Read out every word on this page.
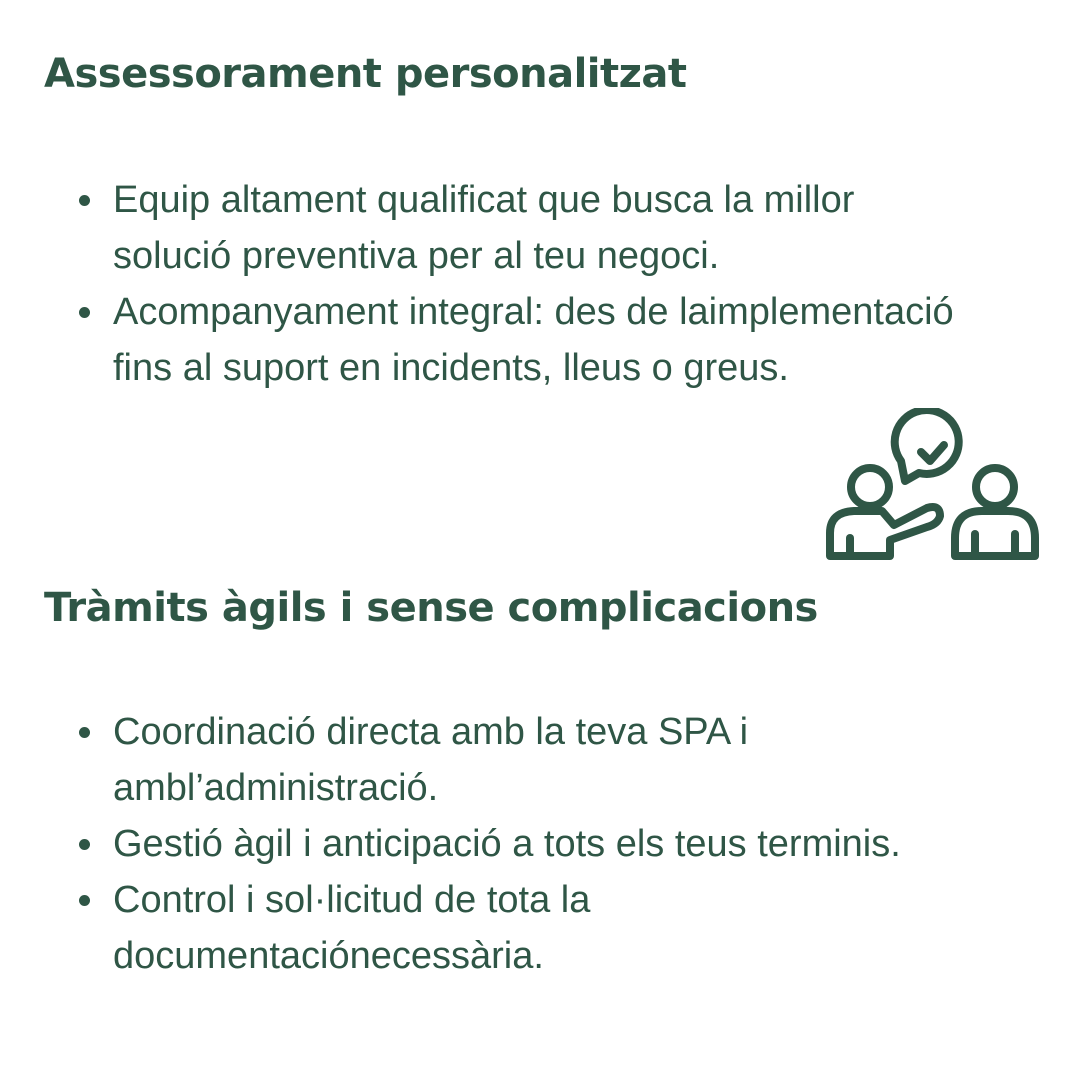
Assessorament personalitzat
Equip altament qualificat que busca la millor solució preventiva per al teu negoci.
Acompanyament integral: des de laimplementació fins al suport en incidents, lleus o greus.
Tràmits àgils i sense complicacions
Coordinació directa amb la teva SPA i ambl’administració.
Gestió àgil i anticipació a tots els teus terminis.
Control i sol·licitud de tota la documentaciónecessària.
